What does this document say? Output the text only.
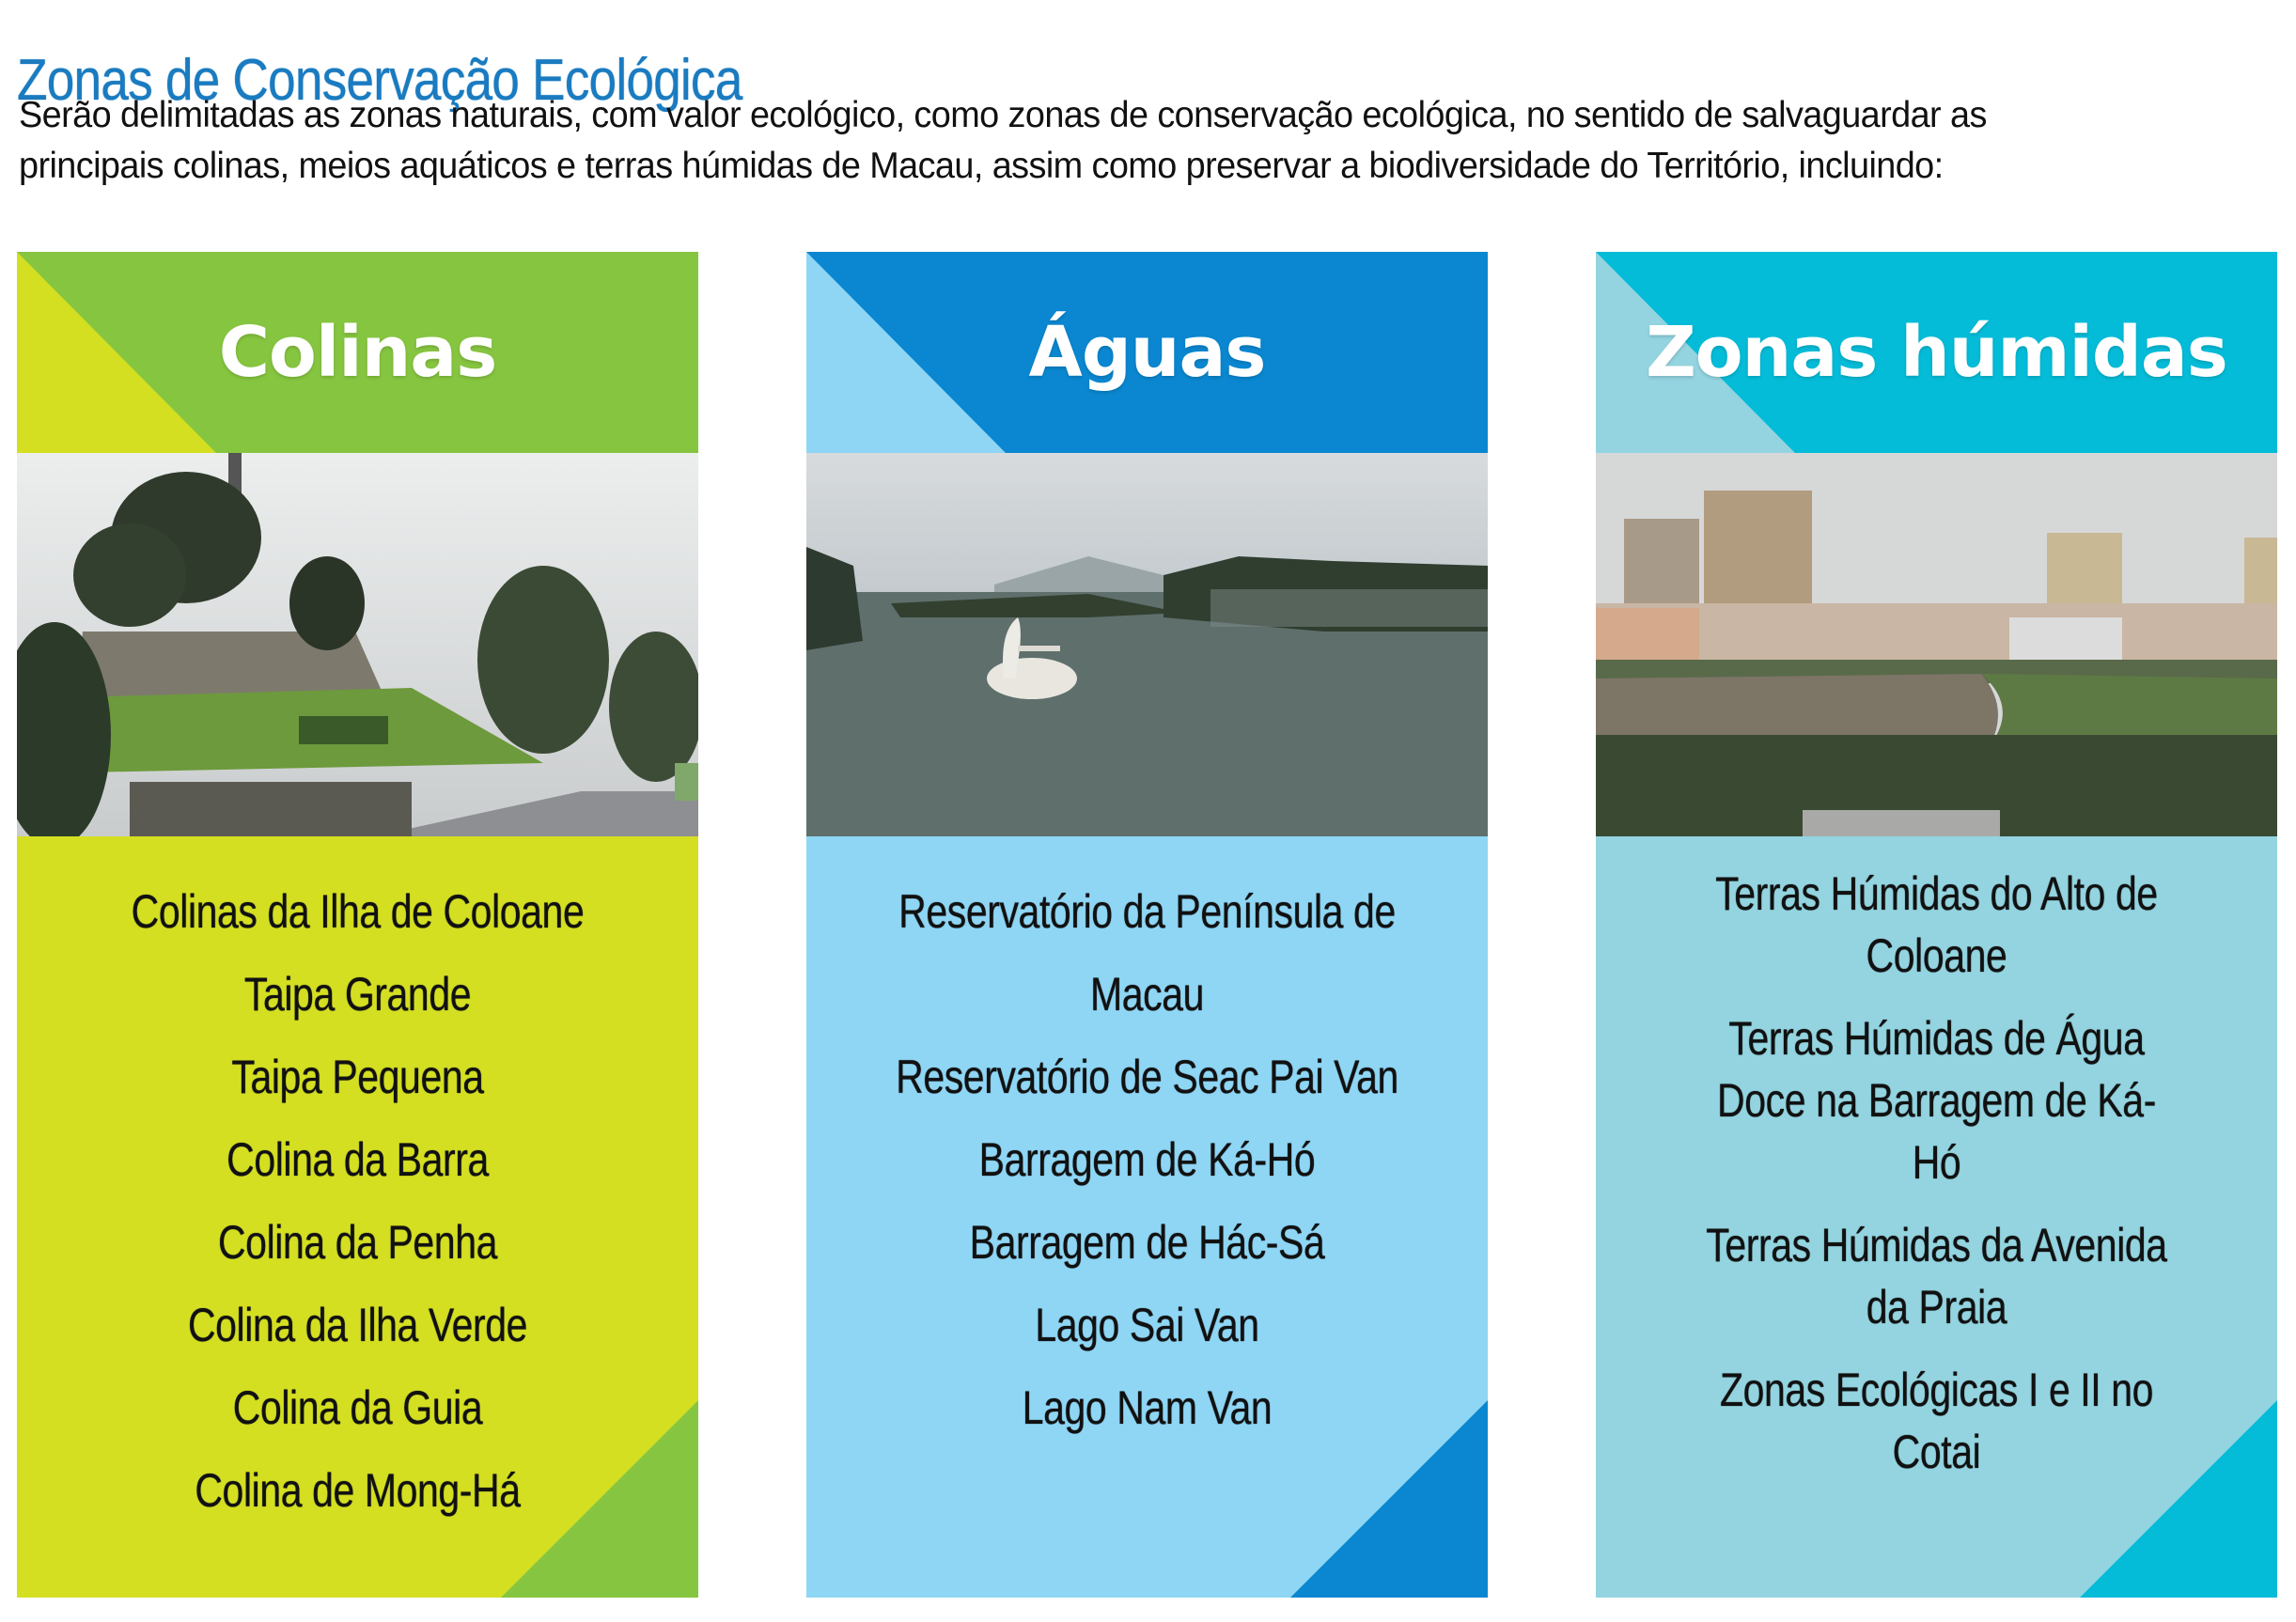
Zonas de Conservação Ecológica

Serão delimitadas as zonas naturais, com valor ecológico, como zonas de conservação ecológica, no sentido de salvaguardar as
principais colinas, meios aquáticos e terras húmidas de Macau, assim como preservar a biodiversidade do Território, incluindo:

Colinas
Colinas da Ilha de Coloane
Taipa Grande
Taipa Pequena
Colina da Barra
Colina da Penha
Colina da Ilha Verde
Colina da Guia
Colina de Mong-Há
Águas
Reservatório da Península de Macau
Reservatório de Seac Pai Van
Barragem de Ká-Hó
Barragem de Hác-Sá
Lago Sai Van
Lago Nam Van
Zonas húmidas
Terras Húmidas do Alto de Coloane
Terras Húmidas de Água Doce na Barragem de Ká-Hó
Terras Húmidas da Avenida da Praia
Zonas Ecológicas I e II no Cotai
